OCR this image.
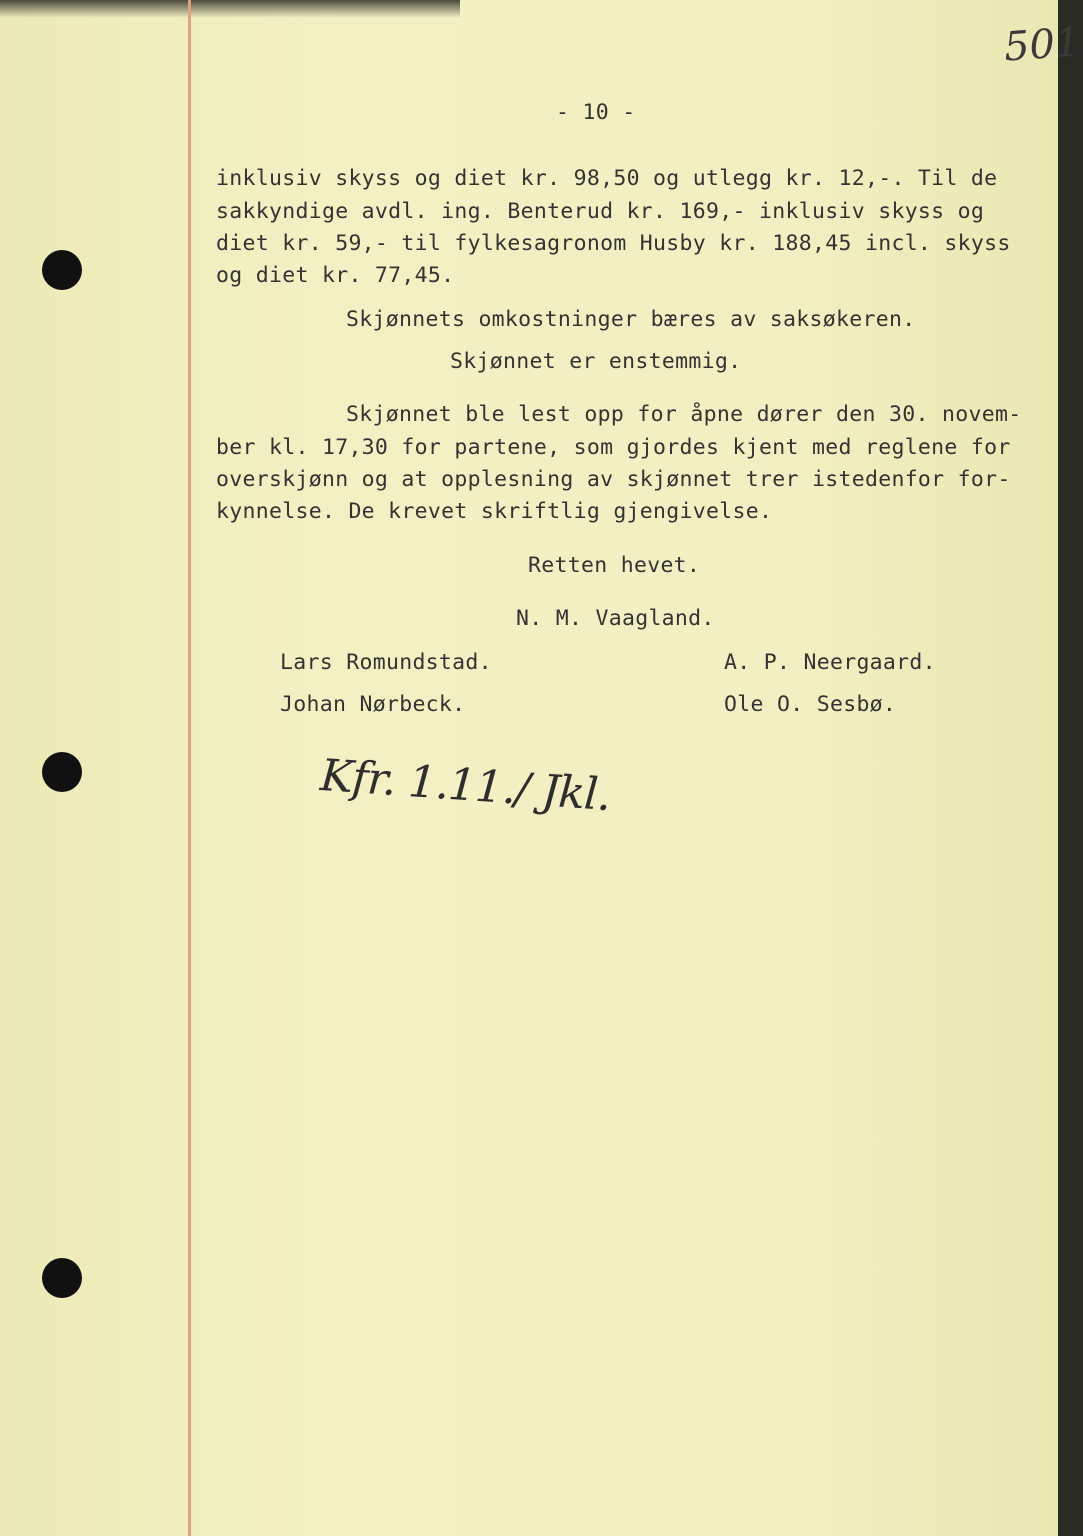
501
- 10 -
inklusiv skyss og diet kr. 98,50 og utlegg kr. 12,-. Til de
sakkyndige avdl. ing. Benterud kr. 169,- inklusiv skyss og
diet kr. 59,- til fylkesagronom Husby kr. 188,45 incl. skyss
og diet kr. 77,45.
Skjønnets omkostninger bæres av saksøkeren.
Skjønnet er enstemmig.
Skjønnet ble lest opp for åpne dører den 30. novem-
ber kl. 17,30 for partene, som gjordes kjent med reglene for
overskjønn og at opplesning av skjønnet trer istedenfor for-
kynnelse. De krevet skriftlig gjengivelse.
Retten hevet.
N. M. Vaagland.
Lars Romundstad.	A. P. Neergaard.
Johan Nørbeck.	Ole O. Sesbø.
Kfr. 1.11./ Jkl.
